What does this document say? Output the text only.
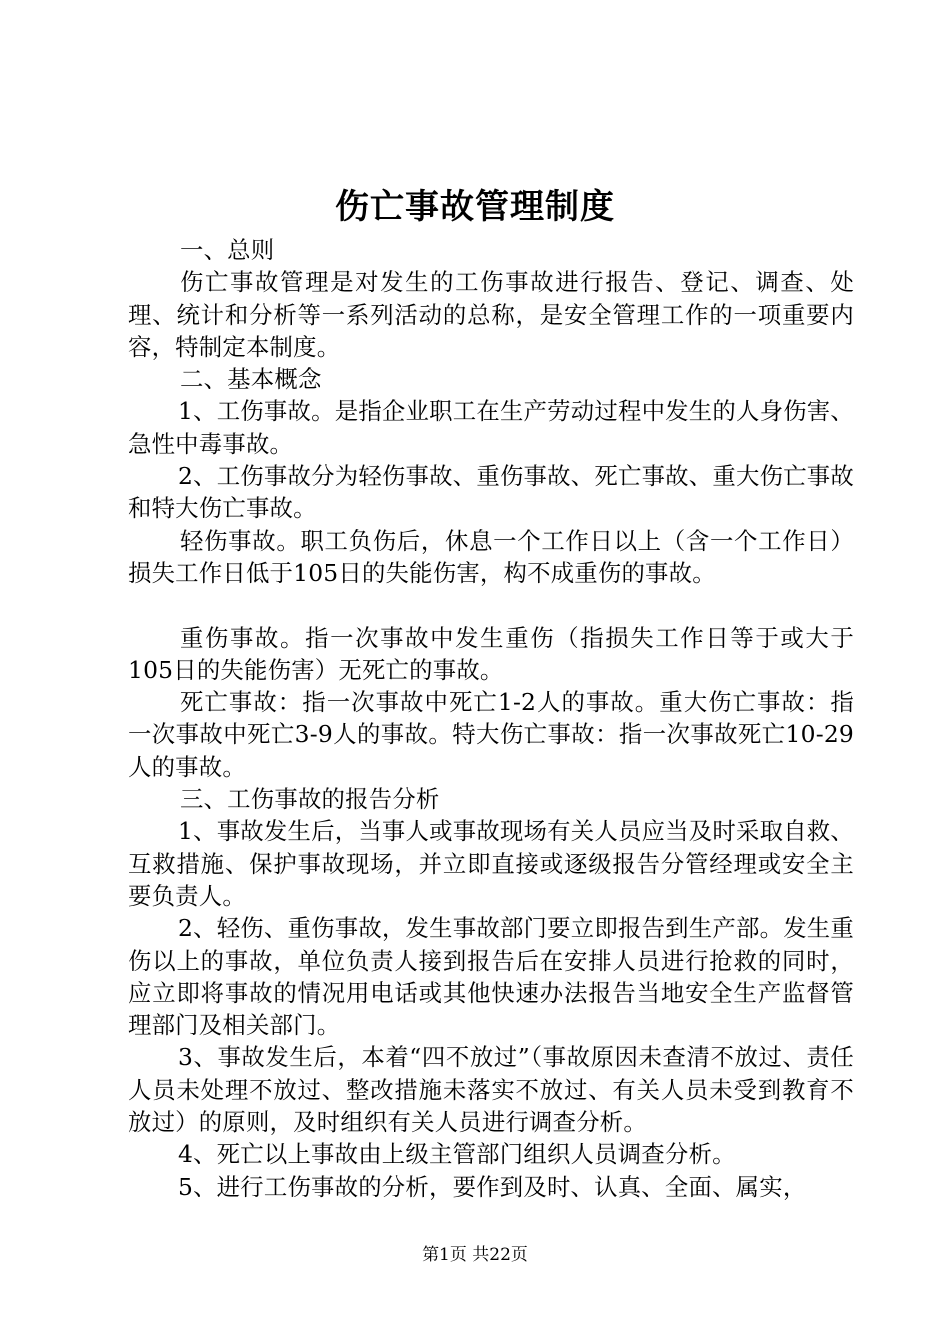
伤亡事故管理制度

一、总则

伤亡事故管理是对发生的工伤事故进行报告、登记、调查、处理、统计和分析等一系列活动的总称，是安全管理工作的一项重要内容，特制定本制度。

二、基本概念

1、工伤事故。是指企业职工在生产劳动过程中发生的人身伤害、急性中毒事故。

2、工伤事故分为轻伤事故、重伤事故、死亡事故、重大伤亡事故和特大伤亡事故。

轻伤事故。职工负伤后，休息一个工作日以上（含一个工作日）损失工作日低于105日的失能伤害，构不成重伤的事故。

重伤事故。指一次事故中发生重伤（指损失工作日等于或大于105日的失能伤害）无死亡的事故。

死亡事故：指一次事故中死亡1-2人的事故。重大伤亡事故：指一次事故中死亡3-9人的事故。特大伤亡事故：指一次事故死亡10-29人的事故。

三、工伤事故的报告分析

1、事故发生后，当事人或事故现场有关人员应当及时采取自救、互救措施、保护事故现场，并立即直接或逐级报告分管经理或安全主要负责人。

2、轻伤、重伤事故，发生事故部门要立即报告到生产部。发生重伤以上的事故，单位负责人接到报告后在安排人员进行抢救的同时，应立即将事故的情况用电话或其他快速办法报告当地安全生产监督管理部门及相关部门。

3、事故发生后，本着“四不放过”（事故原因未查清不放过、责任人员未处理不放过、整改措施未落实不放过、有关人员未受到教育不放过）的原则，及时组织有关人员进行调查分析。

4、死亡以上事故由上级主管部门组织人员调查分析。

5、进行工伤事故的分析，要作到及时、认真、全面、属实，

第1页 共22页
